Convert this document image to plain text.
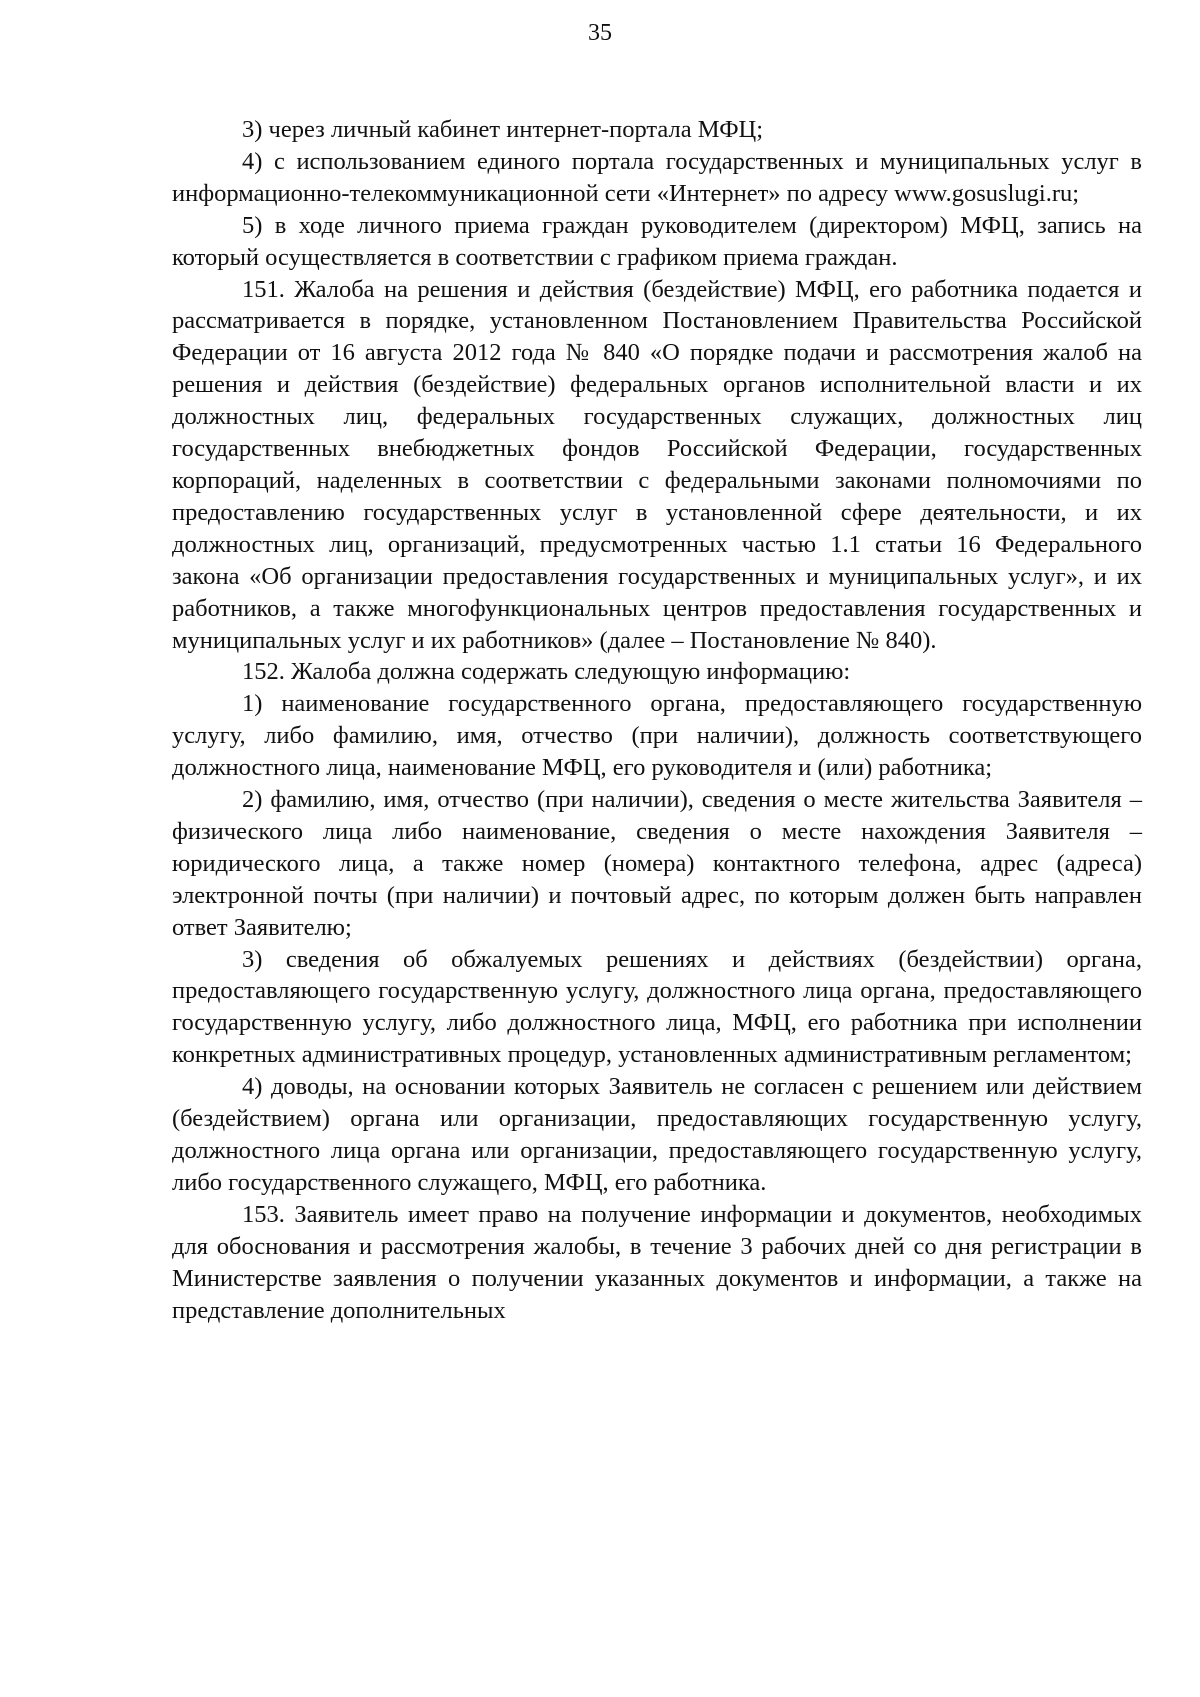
35

3) через личный кабинет интернет-портала МФЦ;

4) с использованием единого портала государственных и муниципальных услуг в информационно-телекоммуникационной сети «Интернет» по адресу www.gosuslugi.ru;

5) в ходе личного приема граждан руководителем (директором) МФЦ, запись на который осуществляется в соответствии с графиком приема граждан.

151. Жалоба на решения и действия (бездействие) МФЦ, его работника подается и рассматривается в порядке, установленном Постановлением Правительства Российской Федерации от 16 августа 2012 года № 840 «О порядке подачи и рассмотрения жалоб на решения и действия (бездействие) федеральных органов исполнительной власти и их должностных лиц, федеральных государственных служащих, должностных лиц государственных внебюджетных фондов Российской Федерации, государственных корпораций, наделенных в соответствии с федеральными законами полномочиями по предоставлению государственных услуг в установленной сфере деятельности, и их должностных лиц, организаций, предусмотренных частью 1.1 статьи 16 Федерального закона «Об организации предоставления государственных и муниципальных услуг», и их работников, а также многофункциональных центров предоставления государственных и муниципальных услуг и их работников» (далее – Постановление № 840).

152. Жалоба должна содержать следующую информацию:

1) наименование государственного органа, предоставляющего государственную услугу, либо фамилию, имя, отчество (при наличии), должность соответствующего должностного лица, наименование МФЦ, его руководителя и (или) работника;

2) фамилию, имя, отчество (при наличии), сведения о месте жительства Заявителя – физического лица либо наименование, сведения о месте нахождения Заявителя – юридического лица, а также номер (номера) контактного телефона, адрес (адреса) электронной почты (при наличии) и почтовый адрес, по которым должен быть направлен ответ Заявителю;

3) сведения об обжалуемых решениях и действиях (бездействии) органа, предоставляющего государственную услугу, должностного лица органа, предоставляющего государственную услугу, либо должностного лица, МФЦ, его работника при исполнении конкретных административных процедур, установленных административным регламентом;

4) доводы, на основании которых Заявитель не согласен с решением или действием (бездействием) органа или организации, предоставляющих государственную услугу, должностного лица органа или организации, предоставляющего государственную услугу, либо государственного служащего, МФЦ, его работника.

153. Заявитель имеет право на получение информации и документов, необходимых для обоснования и рассмотрения жалобы, в течение 3 рабочих дней со дня регистрации в Министерстве заявления о получении указанных документов и информации, а также на представление дополнительных
